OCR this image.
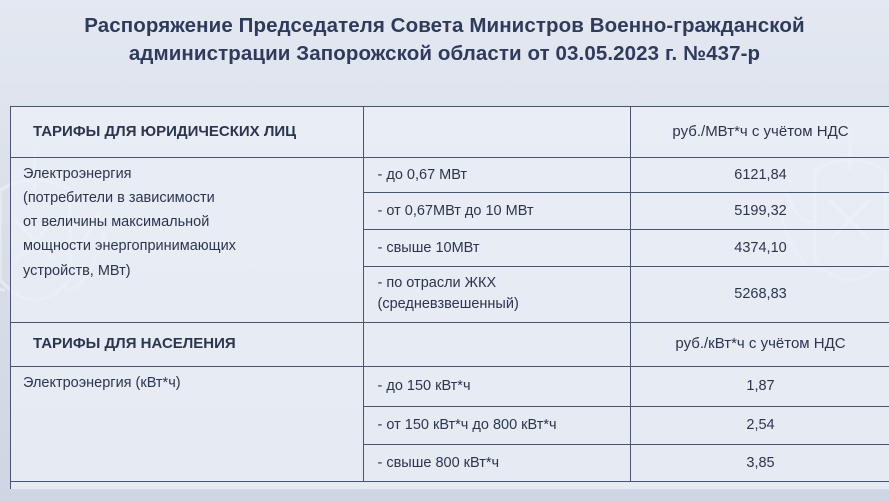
Распоряжение Председателя Совета Министров Военно-гражданской
администрации Запорожской области от 03.05.2023 г. №437-р
ТАРИФЫ ДЛЯ ЮРИДИЧЕСКИХ ЛИЦ		руб./МВт*ч с учётом НДС

Электроэнергия
(потребители в зависимости
от величины максимальной
мощности энергопринимающих
устройств, МВт)	- до 0,67 МВт	6121,84
	- от 0,67МВт до 10 МВт	5199,32
	- свыше 10МВт	4374,10

	- по отрасли ЖКХ
(средневзвешенный)	5268,83
ТАРИФЫ ДЛЯ НАСЕЛЕНИЯ		руб./кВт*ч с учётом НДС
Электроэнергия (кВт*ч)	- до 150 кВт*ч	1,87
	- от 150 кВт*ч до 800 кВт*ч	2,54
	- свыше 800 кВт*ч	3,85
